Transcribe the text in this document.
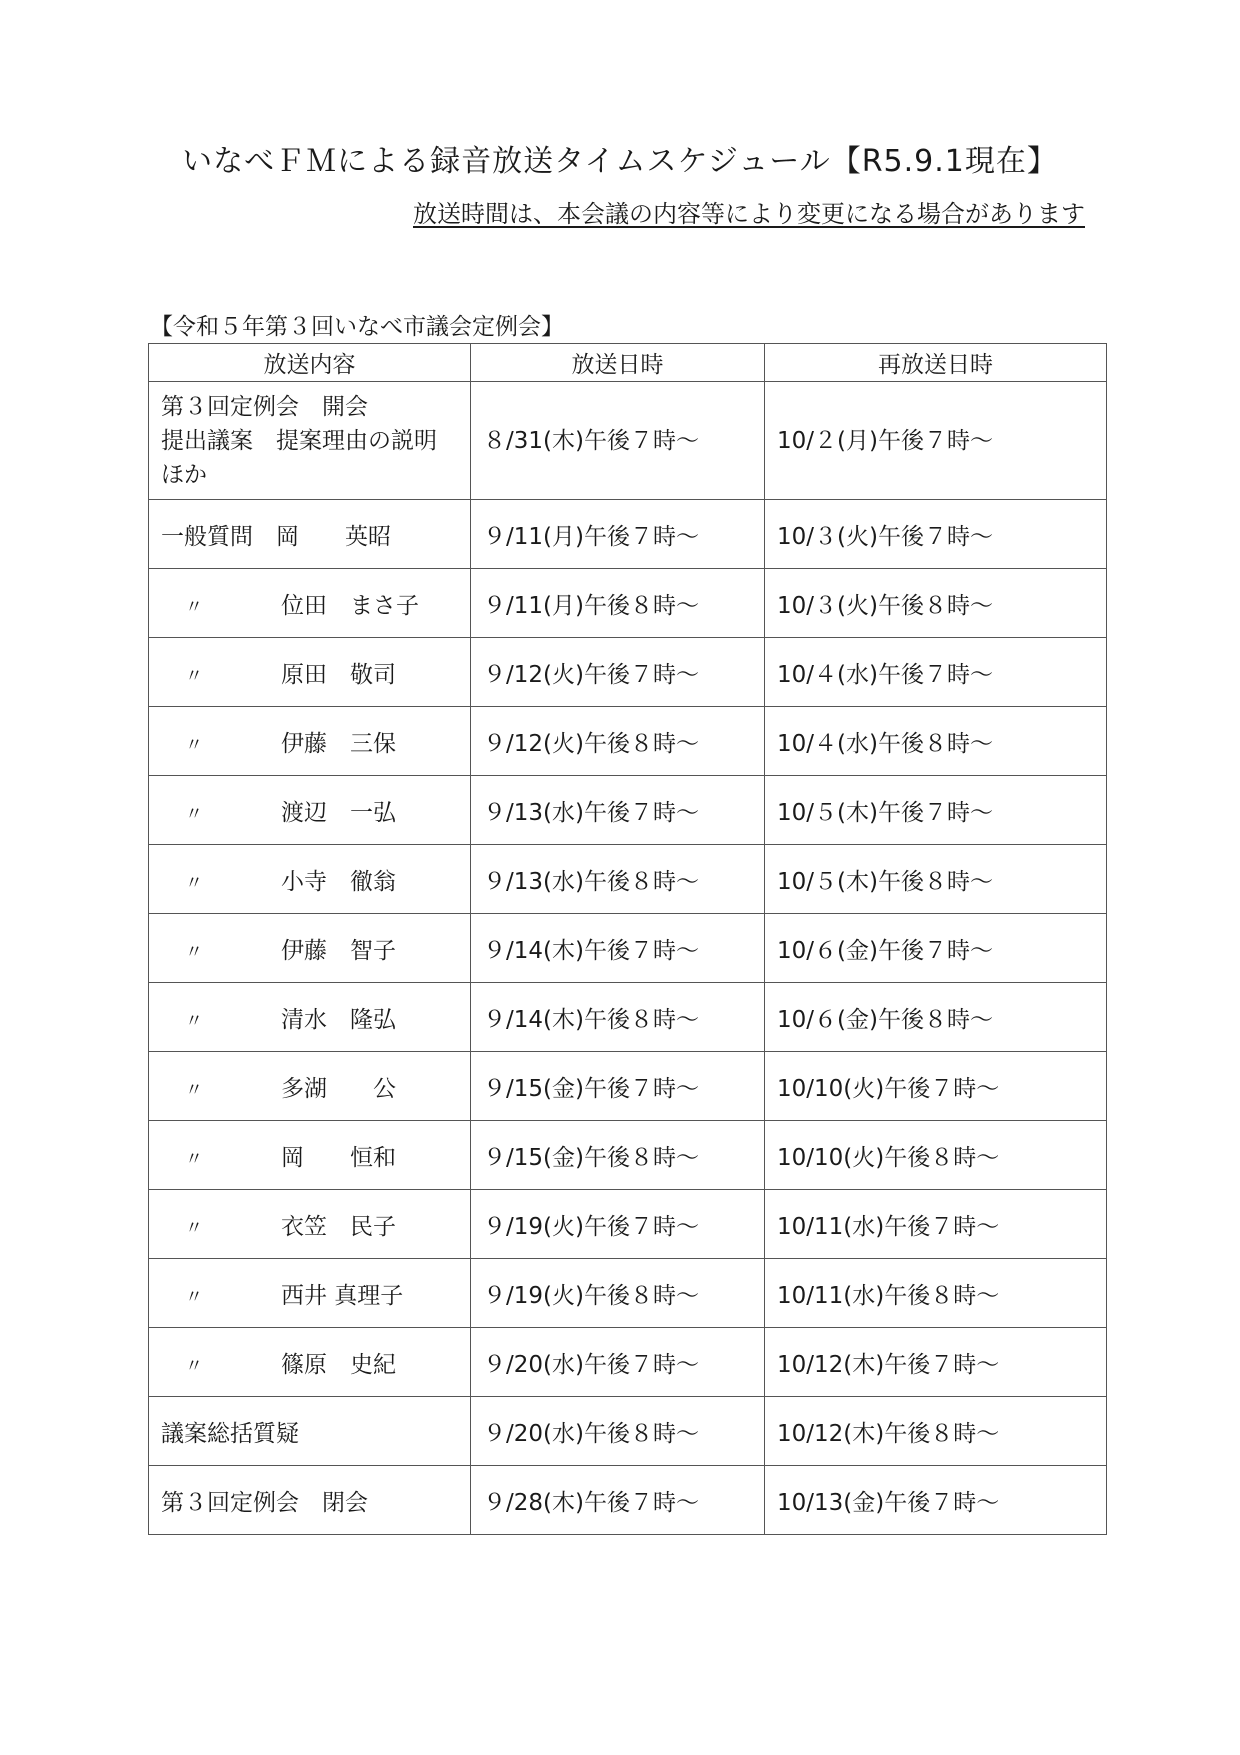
いなべＦＭによる録音放送タイムスケジュール【R5.9.1現在】
放送時間は、本会議の内容等により変更になる場合があります
【令和５年第３回いなべ市議会定例会】
放送内容	放送日時	再放送日時

第３回定例会　開会
提出議案　提案理由の説明
ほか	８/31(木)午後７時～	10/２(月)午後７時～
一般質問　岡　　英昭	９/11(月)午後７時～	10/３(火)午後７時～
〃 位田　まさ子	９/11(月)午後８時～	10/３(火)午後８時～
〃 原田　敬司	９/12(火)午後７時～	10/４(水)午後７時～
〃 伊藤　三保	９/12(火)午後８時～	10/４(水)午後８時～
〃 渡辺　一弘	９/13(水)午後７時～	10/５(木)午後７時～
〃 小寺　徹翁	９/13(水)午後８時～	10/５(木)午後８時～
〃 伊藤　智子	９/14(木)午後７時～	10/６(金)午後７時～
〃 清水　隆弘	９/14(木)午後８時～	10/６(金)午後８時～
〃 多湖　　公	９/15(金)午後７時～	10/10(火)午後７時～
〃 岡　　恒和	９/15(金)午後８時～	10/10(火)午後８時～
〃 衣笠　民子	９/19(火)午後７時～	10/11(水)午後７時～
〃 西井 真理子	９/19(火)午後８時～	10/11(水)午後８時～
〃 篠原　史紀	９/20(水)午後７時～	10/12(木)午後７時～
議案総括質疑	９/20(水)午後８時～	10/12(木)午後８時～
第３回定例会　閉会	９/28(木)午後７時～	10/13(金)午後７時～
